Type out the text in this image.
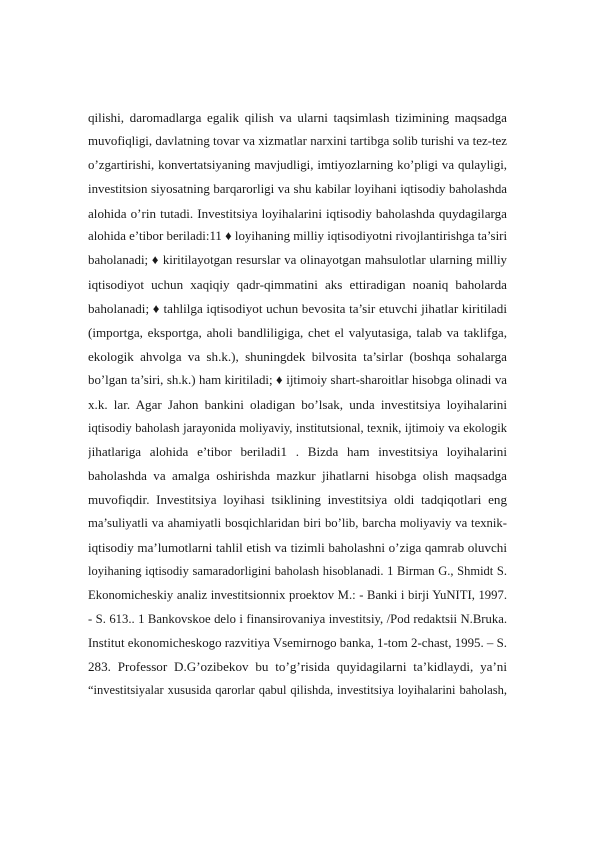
qilishi, daromadlarga egalik qilish va ularni taqsimlash tizimining maqsadga
muvofiqligi, davlatning tovar va xizmatlar narxini tartibga solib turishi va tez-tez
o’zgartirishi, konvertatsiyaning mavjudligi, imtiyozlarning ko’pligi va qulayligi,
investitsion siyosatning barqarorligi va shu kabilar loyihani iqtisodiy baholashda
alohida o’rin tutadi. Investitsiya loyihalarini iqtisodiy baholashda quydagilarga
alohida e’tibor beriladi:11 ♦ loyihaning milliy iqtisodiyotni rivojlantirishga ta’siri
baholanadi; ♦ kiritilayotgan resurslar va olinayotgan mahsulotlar ularning milliy
iqtisodiyot uchun xaqiqiy qadr-qimmatini aks ettiradigan noaniq baholarda
baholanadi; ♦ tahlilga iqtisodiyot uchun bevosita ta’sir etuvchi jihatlar kiritiladi
(importga, eksportga, aholi bandliligiga, chet el valyutasiga, talab va taklifga,
ekologik ahvolga va sh.k.), shuningdek bilvosita ta’sirlar (boshqa sohalarga
bo’lgan ta’siri, sh.k.) ham kiritiladi; ♦ ijtimoiy shart-sharoitlar hisobga olinadi va
x.k. lar. Agar Jahon bankini oladigan bo’lsak, unda investitsiya loyihalarini
iqtisodiy baholash jarayonida moliyaviy, institutsional, texnik, ijtimoiy va ekologik
jihatlariga alohida e’tibor beriladi1 . Bizda ham investitsiya loyihalarini
baholashda va amalga oshirishda mazkur jihatlarni hisobga olish maqsadga
muvofiqdir. Investitsiya loyihasi tsiklining investitsiya oldi tadqiqotlari eng
ma’suliyatli va ahamiyatli bosqichlaridan biri bo’lib, barcha moliyaviy va texnik-
iqtisodiy ma’lumotlarni tahlil etish va tizimli baholashni o’ziga qamrab oluvchi
loyihaning iqtisodiy samaradorligini baholash hisoblanadi. 1 Birman G., Shmidt S.
Ekonomicheskiy analiz investitsionnix proektov M.: - Banki i birji YuNITI, 1997.
- S. 613.. 1 Bankovskoe delo i finansirovaniya investitsiy, /Pod redaktsii N.Bruka.
Institut ekonomicheskogo razvitiya Vsemirnogo banka, 1-tom 2-chast, 1995. – S.
283. Professor D.G’ozibekov bu to’g’risida quyidagilarni ta’kidlaydi, ya’ni
“investitsiyalar xususida qarorlar qabul qilishda, investitsiya loyihalarini baholash,
